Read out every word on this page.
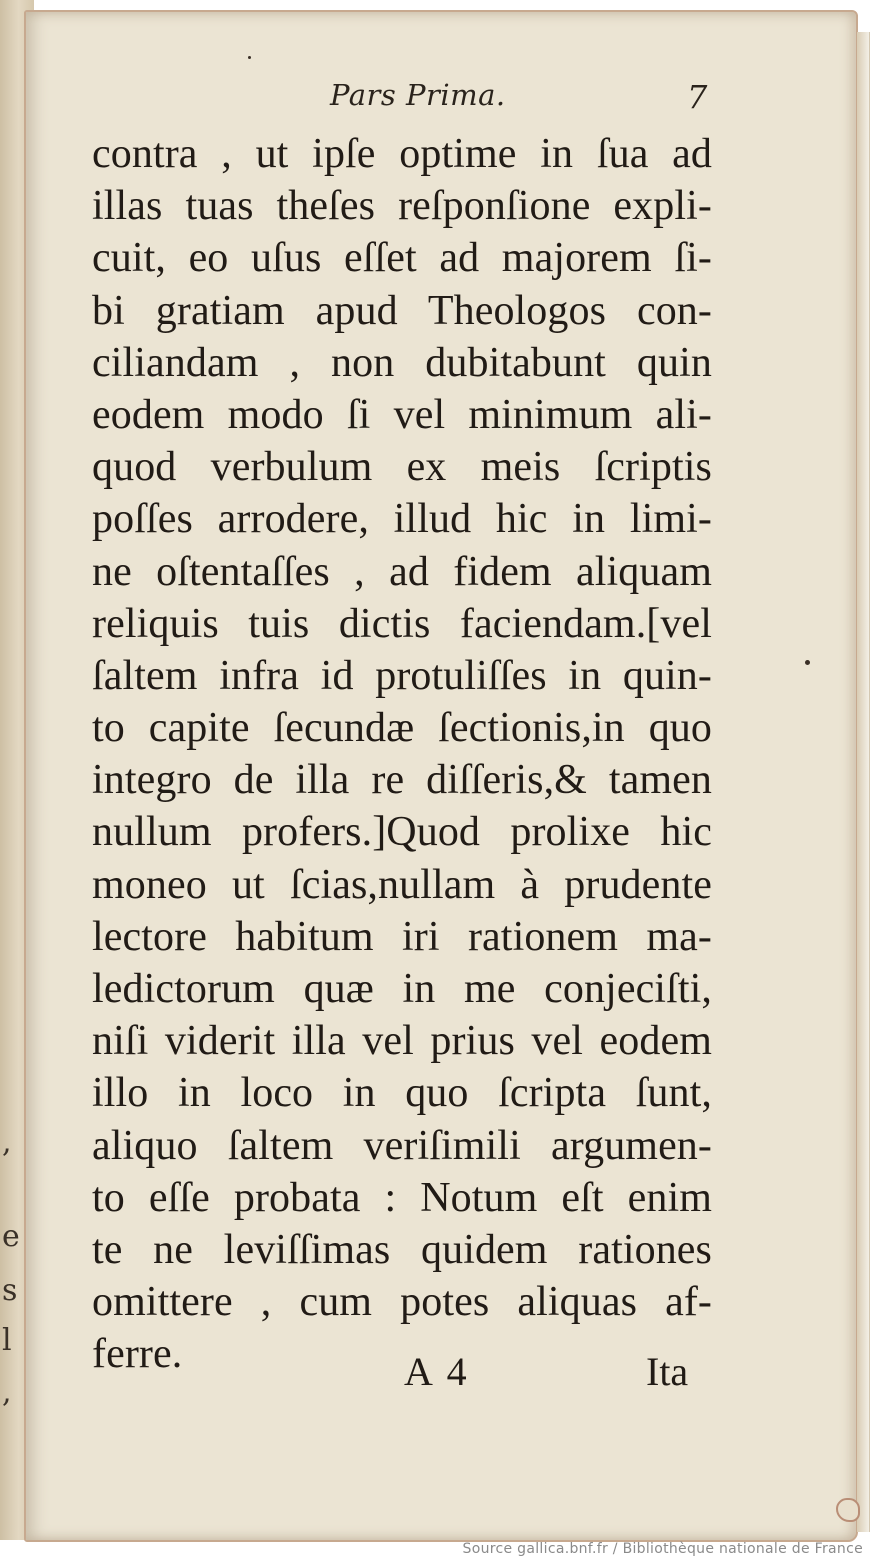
,
e
s
l
,
Pars Prima.	7
contra , ut ipſe optime in ſua ad
illas tuas theſes reſponſione expli-
cuit, eo uſus eſſet ad majorem ſi-
bi gratiam apud Theologos con-
ciliandam , non dubitabunt quin
eodem modo ſi vel minimum ali-
quod verbulum ex meis ſcriptis
poſſes arrodere, illud hic in limi-
ne oſtentaſſes , ad fidem aliquam
reliquis tuis dictis faciendam.[vel
ſaltem infra id protuliſſes in quin-
to capite ſecundæ ſectionis,in quo
integro de illa re diſſeris,& tamen
nullum profers.]Quod prolixe hic
moneo ut ſcias,nullam à prudente
lectore habitum iri rationem ma-
ledictorum quæ in me conjeciſti,
niſi viderit illa vel prius vel eodem
illo in loco in quo ſcripta ſunt,
aliquo ſaltem veriſimili argumen-
to eſſe probata : Notum eſt enim
te ne leviſſimas quidem rationes
omittere , cum potes aliquas af-
ferre.	A 4	Ita
Source gallica.bnf.fr / Bibliothèque nationale de France
